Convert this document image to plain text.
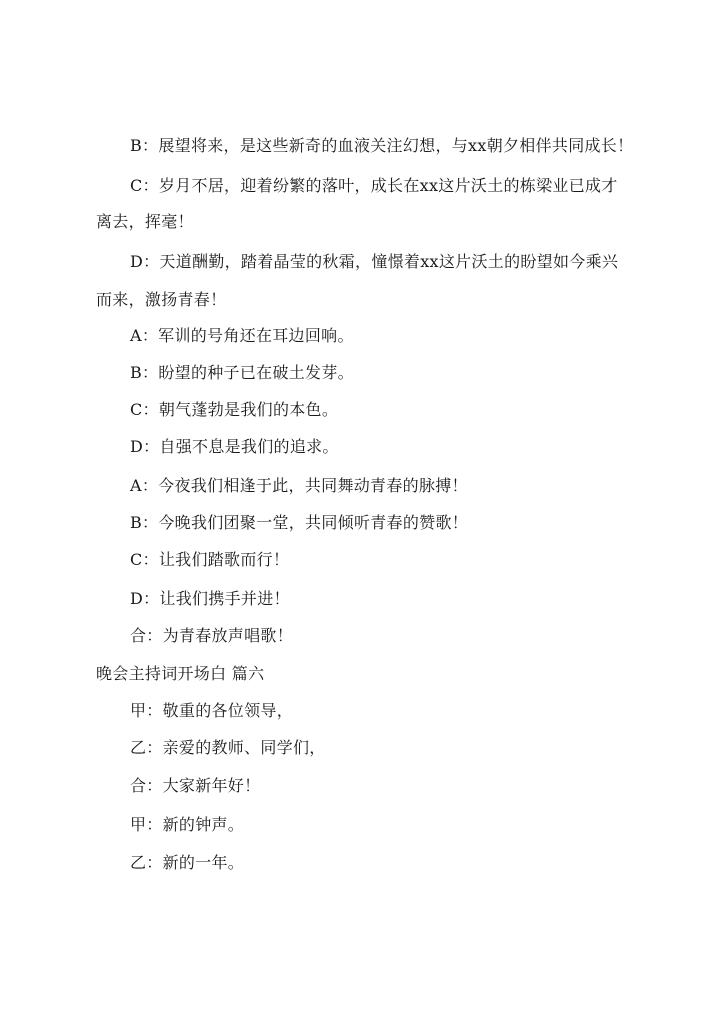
B：展望将来，是这些新奇的血液关注幻想，与xx朝夕相伴共同成长！
C：岁月不居，迎着纷繁的落叶，成长在xx这片沃土的栋梁业已成才
离去，挥毫！
D：天道酬勤，踏着晶莹的秋霜，憧憬着xx这片沃土的盼望如今乘兴
而来，激扬青春！
A：军训的号角还在耳边回响。
B：盼望的种子已在破土发芽。
C：朝气蓬勃是我们的本色。
D：自强不息是我们的追求。
A：今夜我们相逢于此，共同舞动青春的脉搏！
B：今晚我们团聚一堂，共同倾听青春的赞歌！
C：让我们踏歌而行！
D：让我们携手并进！
合：为青春放声唱歌！
晚会主持词开场白 篇六
甲：敬重的各位领导，
乙：亲爱的教师、同学们，
合：大家新年好！
甲：新的钟声。
乙：新的一年。
